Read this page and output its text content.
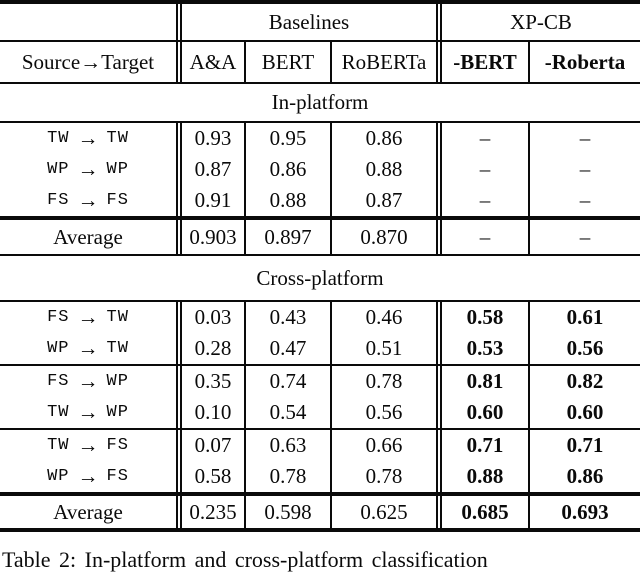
Baselines	XP-CB
Source→Target	A&A	BERT	RoBERTa	-BERT	-Roberta
In-platform
TW → TW	0.93	0.95	0.86	–	–
WP → WP	0.87	0.86	0.88	–	–
FS → FS	0.91	0.88	0.87	–	–
Average	0.903	0.897	0.870	–	–
Cross-platform
FS → TW	0.03	0.43	0.46	0.58	0.61
WP → TW	0.28	0.47	0.51	0.53	0.56
FS → WP	0.35	0.74	0.78	0.81	0.82
TW → WP	0.10	0.54	0.56	0.60	0.60
TW → FS	0.07	0.63	0.66	0.71	0.71
WP → FS	0.58	0.78	0.78	0.88	0.86
Average	0.235	0.598	0.625	0.685	0.693
Table 2: In-platform and cross-platform classification
